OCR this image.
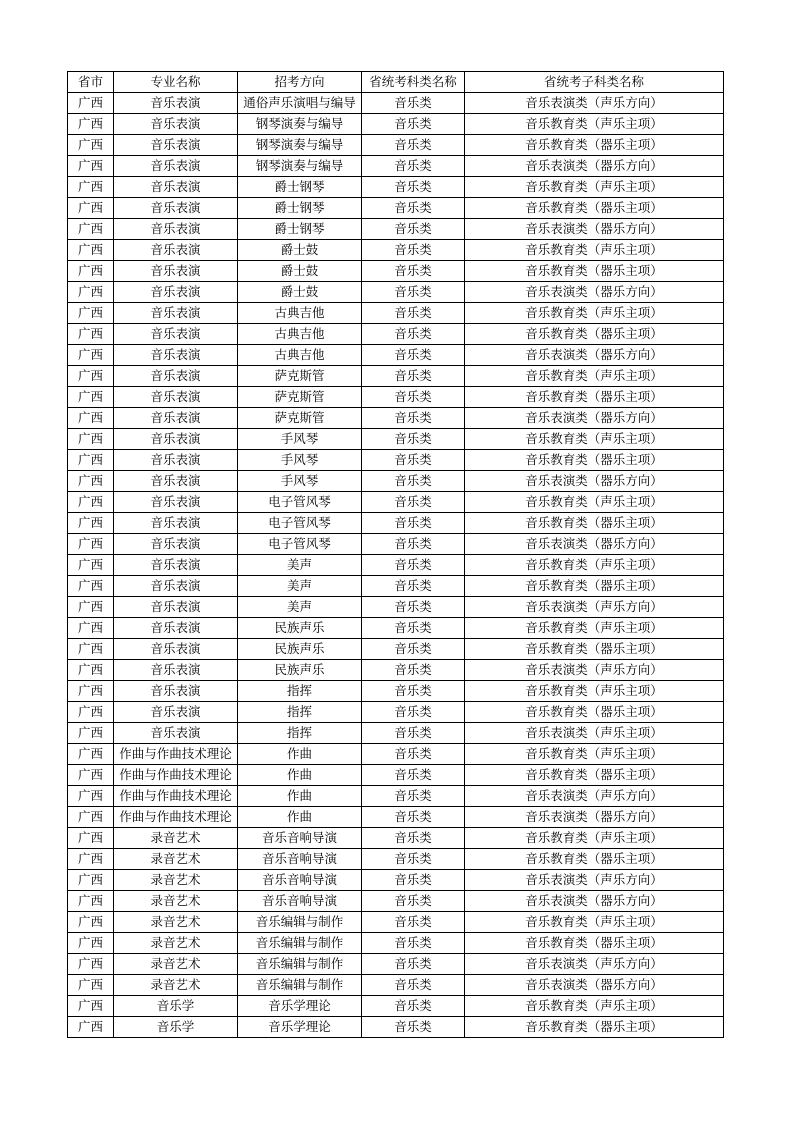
省市	专业名称	招考方向	省统考科类名称	省统考子科类名称
广西	音乐表演	通俗声乐演唱与编导	音乐类	音乐表演类（声乐方向）
广西	音乐表演	钢琴演奏与编导	音乐类	音乐教育类（声乐主项）
广西	音乐表演	钢琴演奏与编导	音乐类	音乐教育类（器乐主项）
广西	音乐表演	钢琴演奏与编导	音乐类	音乐表演类（器乐方向）
广西	音乐表演	爵士钢琴	音乐类	音乐教育类（声乐主项）
广西	音乐表演	爵士钢琴	音乐类	音乐教育类（器乐主项）
广西	音乐表演	爵士钢琴	音乐类	音乐表演类（器乐方向）
广西	音乐表演	爵士鼓	音乐类	音乐教育类（声乐主项）
广西	音乐表演	爵士鼓	音乐类	音乐教育类（器乐主项）
广西	音乐表演	爵士鼓	音乐类	音乐表演类（器乐方向）
广西	音乐表演	古典吉他	音乐类	音乐教育类（声乐主项）
广西	音乐表演	古典吉他	音乐类	音乐教育类（器乐主项）
广西	音乐表演	古典吉他	音乐类	音乐表演类（器乐方向）
广西	音乐表演	萨克斯管	音乐类	音乐教育类（声乐主项）
广西	音乐表演	萨克斯管	音乐类	音乐教育类（器乐主项）
广西	音乐表演	萨克斯管	音乐类	音乐表演类（器乐方向）
广西	音乐表演	手风琴	音乐类	音乐教育类（声乐主项）
广西	音乐表演	手风琴	音乐类	音乐教育类（器乐主项）
广西	音乐表演	手风琴	音乐类	音乐表演类（器乐方向）
广西	音乐表演	电子管风琴	音乐类	音乐教育类（声乐主项）
广西	音乐表演	电子管风琴	音乐类	音乐教育类（器乐主项）
广西	音乐表演	电子管风琴	音乐类	音乐表演类（器乐方向）
广西	音乐表演	美声	音乐类	音乐教育类（声乐主项）
广西	音乐表演	美声	音乐类	音乐教育类（器乐主项）
广西	音乐表演	美声	音乐类	音乐表演类（声乐方向）
广西	音乐表演	民族声乐	音乐类	音乐教育类（声乐主项）
广西	音乐表演	民族声乐	音乐类	音乐教育类（器乐主项）
广西	音乐表演	民族声乐	音乐类	音乐表演类（声乐方向）
广西	音乐表演	指挥	音乐类	音乐教育类（声乐主项）
广西	音乐表演	指挥	音乐类	音乐教育类（器乐主项）
广西	音乐表演	指挥	音乐类	音乐表演类（声乐主项）
广西	作曲与作曲技术理论	作曲	音乐类	音乐教育类（声乐主项）
广西	作曲与作曲技术理论	作曲	音乐类	音乐教育类（器乐主项）
广西	作曲与作曲技术理论	作曲	音乐类	音乐表演类（声乐方向）
广西	作曲与作曲技术理论	作曲	音乐类	音乐表演类（器乐方向）
广西	录音艺术	音乐音响导演	音乐类	音乐教育类（声乐主项）
广西	录音艺术	音乐音响导演	音乐类	音乐教育类（器乐主项）
广西	录音艺术	音乐音响导演	音乐类	音乐表演类（声乐方向）
广西	录音艺术	音乐音响导演	音乐类	音乐表演类（器乐方向）
广西	录音艺术	音乐编辑与制作	音乐类	音乐教育类（声乐主项）
广西	录音艺术	音乐编辑与制作	音乐类	音乐教育类（器乐主项）
广西	录音艺术	音乐编辑与制作	音乐类	音乐表演类（声乐方向）
广西	录音艺术	音乐编辑与制作	音乐类	音乐表演类（器乐方向）
广西	音乐学	音乐学理论	音乐类	音乐教育类（声乐主项）
广西	音乐学	音乐学理论	音乐类	音乐教育类（器乐主项）
